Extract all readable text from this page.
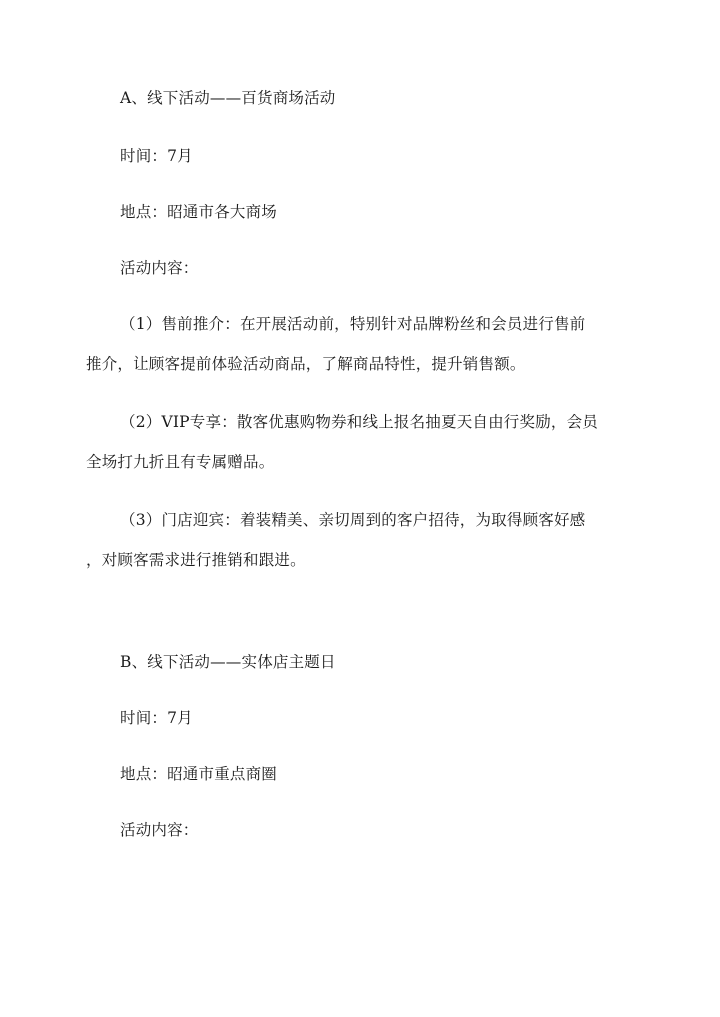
A、线下活动——百货商场活动
时间：7月
地点：昭通市各大商场
活动内容：
（1）售前推介：在开展活动前，特别针对品牌粉丝和会员进行售前
推介，让顾客提前体验活动商品，了解商品特性，提升销售额。
（2）VIP专享：散客优惠购物券和线上报名抽夏天自由行奖励，会员
全场打九折且有专属赠品。
（3）门店迎宾：着装精美、亲切周到的客户招待，为取得顾客好感
，对顾客需求进行推销和跟进。
B、线下活动——实体店主题日
时间：7月
地点：昭通市重点商圈
活动内容：
